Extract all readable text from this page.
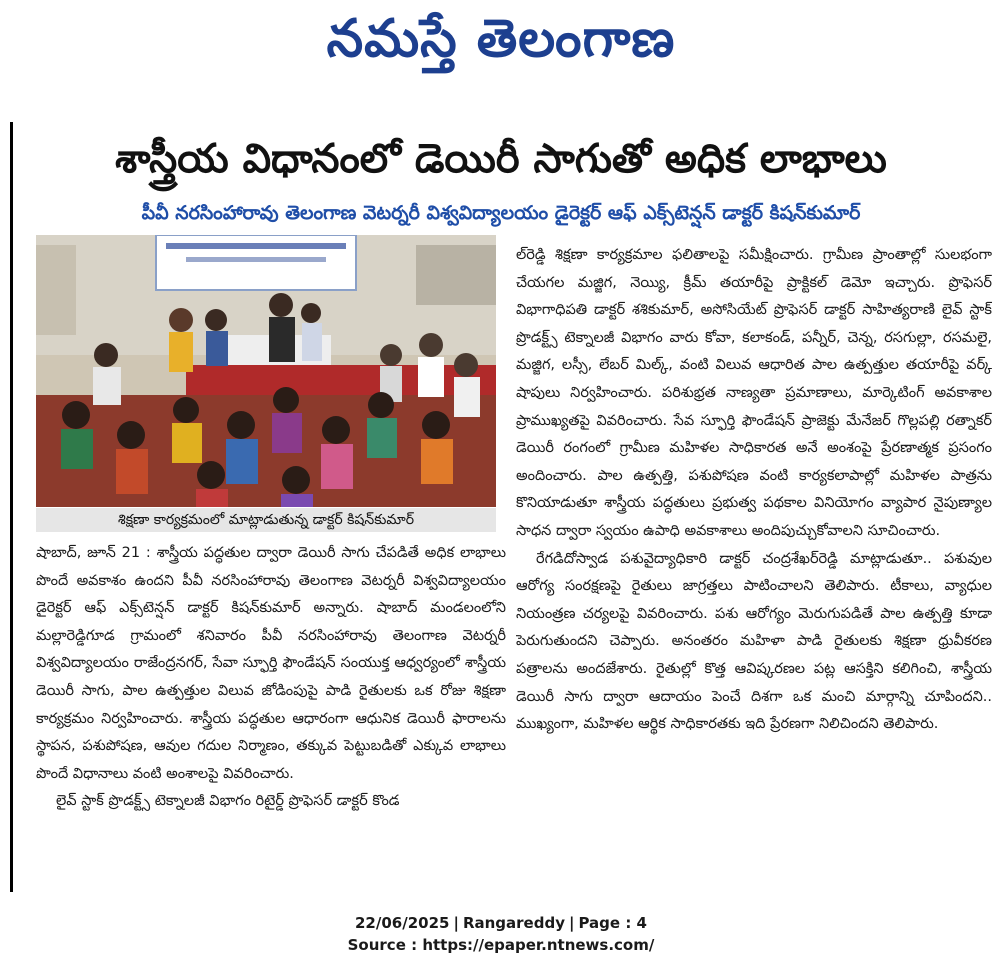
నమస్తే తెలంగాణ
శాస్త్రీయ విధానంలో డెయిరీ సాగుతో అధిక లాభాలు
పీవీ నరసింహారావు తెలంగాణ వెటర్నరీ విశ్వవిద్యాలయం డైరెక్టర్ ఆఫ్ ఎక్స్‌టెన్షన్ డాక్టర్ కిషన్‌కుమార్
శిక్షణా కార్యక్రమంలో మాట్లాడుతున్న డాక్టర్ కిషన్‌కుమార్

షాబాద్, జూన్ 21 : శాస్త్రీయ పద్ధతుల ద్వారా డెయిరీ సాగు చేపడితే అధిక లాభాలు పొందే అవకాశం ఉందని పీవీ నరసింహారావు తెలంగాణ వెటర్నరీ విశ్వవిద్యాలయం డైరెక్టర్ ఆఫ్ ఎక్స్‌టెన్షన్ డాక్టర్ కిషన్‌కుమార్ అన్నారు. షాబాద్ మండలంలోని మల్లారెడ్డిగూడ గ్రామంలో శనివారం పీవీ నరసింహారావు తెలంగాణ వెటర్నరీ విశ్వవిద్యాలయం రాజేంద్రనగర్, సేవా స్ఫూర్తి ఫౌండేషన్ సంయుక్త ఆధ్వర్యంలో శాస్త్రీయ డెయిరీ సాగు, పాల ఉత్పత్తుల విలువ జోడింపుపై పాడి రైతులకు ఒక రోజు శిక్షణా కార్యక్రమం నిర్వహించారు. శాస్త్రీయ పద్ధతుల ఆధారంగా ఆధునిక డెయిరీ ఫారాలను స్థాపన, పశుపోషణ, ఆవుల గదుల నిర్మాణం, తక్కువ పెట్టుబడితో ఎక్కువ లాభాలు పొందే విధానాలు వంటి అంశాలపై వివరించారు.

లైవ్ స్టాక్ ప్రొడక్ట్స్ టెక్నాలజీ విభాగం రిటైర్డ్ ప్రొఫెసర్ డాక్టర్ కొండ

ల్‌రెడ్డి శిక్షణా కార్యక్రమాల ఫలితాలపై సమీక్షించారు. గ్రామీణ ప్రాంతాల్లో సులభంగా చేయగల మజ్జిగ, నెయ్యి, క్రీమ్ తయారీపై ప్రాక్టికల్ డెమో ఇచ్చారు. ప్రొఫెసర్ విభాగాధిపతి డాక్టర్ శశికుమార్, అసోసియేట్ ప్రొఫెసర్ డాక్టర్ సాహిత్యరాణి లైవ్ స్టాక్ ప్రొడక్ట్స్ టెక్నాలజీ విభాగం వారు కోవా, కలాకండ్, పన్నీర్, చెన్న, రసగుల్లా, రసమలై, మజ్జిగ, లస్సీ, లేబర్ మిల్క్, వంటి విలువ ఆధారిత పాల ఉత్పత్తుల తయారీపై వర్క్ షాపులు నిర్వహించారు. పరిశుభ్రత నాణ్యతా ప్రమాణాలు, మార్కెటింగ్ అవకాశాల ప్రాముఖ్యతపై వివరించారు. సేవ స్ఫూర్తి ఫౌండేషన్ ప్రాజెక్టు మేనేజర్ గొల్లపల్లి రత్నాకర్ డెయిరీ రంగంలో గ్రామీణ మహిళల సాధికారత అనే అంశంపై ప్రేరణాత్మక ప్రసంగం అందించారు. పాల ఉత్పత్తి, పశుపోషణ వంటి కార్యకలాపాల్లో మహిళల పాత్రను కొనియాడుతూ శాస్త్రీయ పద్ధతులు ప్రభుత్వ పథకాల వినియోగం వ్యాపార నైపుణ్యాల సాధన ద్వారా స్వయం ఉపాధి అవకాశాలు అందిపుచ్చుకోవాలని సూచించారు.

రేగడిదోస్వాడ పశువైద్యాధికారి డాక్టర్ చంద్రశేఖర్‌రెడ్డి మాట్లాడుతూ.. పశువుల ఆరోగ్య సంరక్షణపై రైతులు జాగ్రత్తలు పాటించాలని తెలిపారు. టీకాలు, వ్యాధుల నియంత్రణ చర్యలపై వివరించారు. పశు ఆరోగ్యం మెరుగుపడితే పాల ఉత్పత్తి కూడా పెరుగుతుందని చెప్పారు. అనంతరం మహిళా పాడి రైతులకు శిక్షణా ధ్రువీకరణ పత్రాలను అందజేశారు. రైతుల్లో కొత్త ఆవిష్కరణల పట్ల ఆసక్తిని కలిగించి, శాస్త్రీయ డెయిరీ సాగు ద్వారా ఆదాయం పెంచే దిశగా ఒక మంచి మార్గాన్ని చూపిందని.. ముఖ్యంగా, మహిళల ఆర్థిక సాధికారతకు ఇది ప్రేరణగా నిలిచిందని తెలిపారు.

22/06/2025 | Rangareddy | Page : 4
Source : https://epaper.ntnews.com/
